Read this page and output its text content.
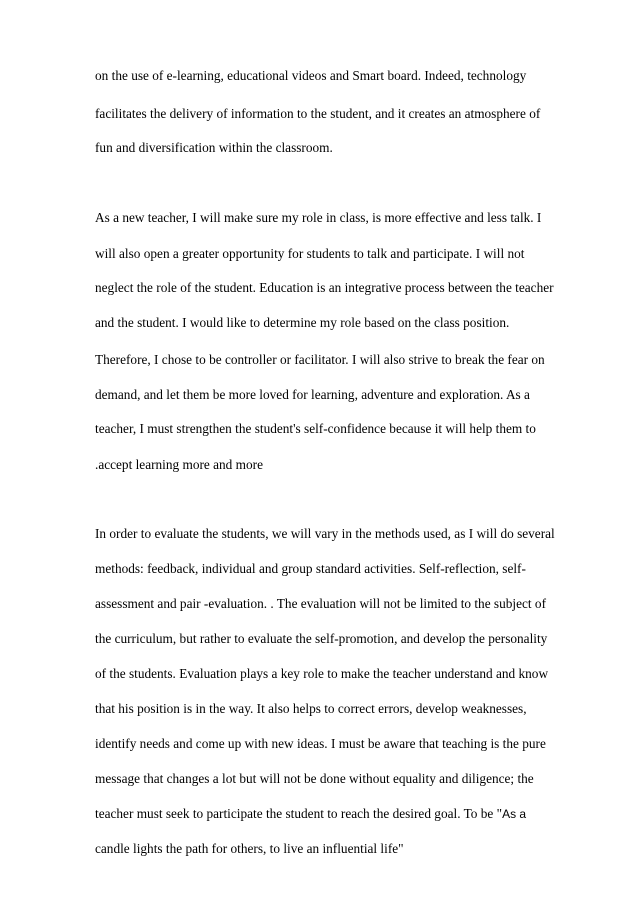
on the use of e-learning, educational videos and Smart board. Indeed, technology
facilitates the delivery of information to the student, and it creates an atmosphere of
fun and diversification within the classroom.
As a new teacher, I will make sure my role in class, is more effective and less talk. I
will also open a greater opportunity for students to talk and participate. I will not
neglect the role of the student. Education is an integrative process between the teacher
and the student. I would like to determine my role based on the class position.
Therefore, I chose to be controller or facilitator. I will also strive to break the fear on
demand, and let them be more loved for learning, adventure and exploration. As a
teacher, I must strengthen the student's self-confidence because it will help them to
.accept learning more and more
In order to evaluate the students, we will vary in the methods used, as I will do several
methods: feedback, individual and group standard activities. Self-reflection, self-
assessment and pair -evaluation. . The evaluation will not be limited to the subject of
the curriculum, but rather to evaluate the self-promotion, and develop the personality
of the students. Evaluation plays a key role to make the teacher understand and know
that his position is in the way. It also helps to correct errors, develop weaknesses,
identify needs and come up with new ideas. I must be aware that teaching is the pure
message that changes a lot but will not be done without equality and diligence; the
teacher must seek to participate the student to reach the desired goal. To be "As a
candle lights the path for others, to live an influential life"
